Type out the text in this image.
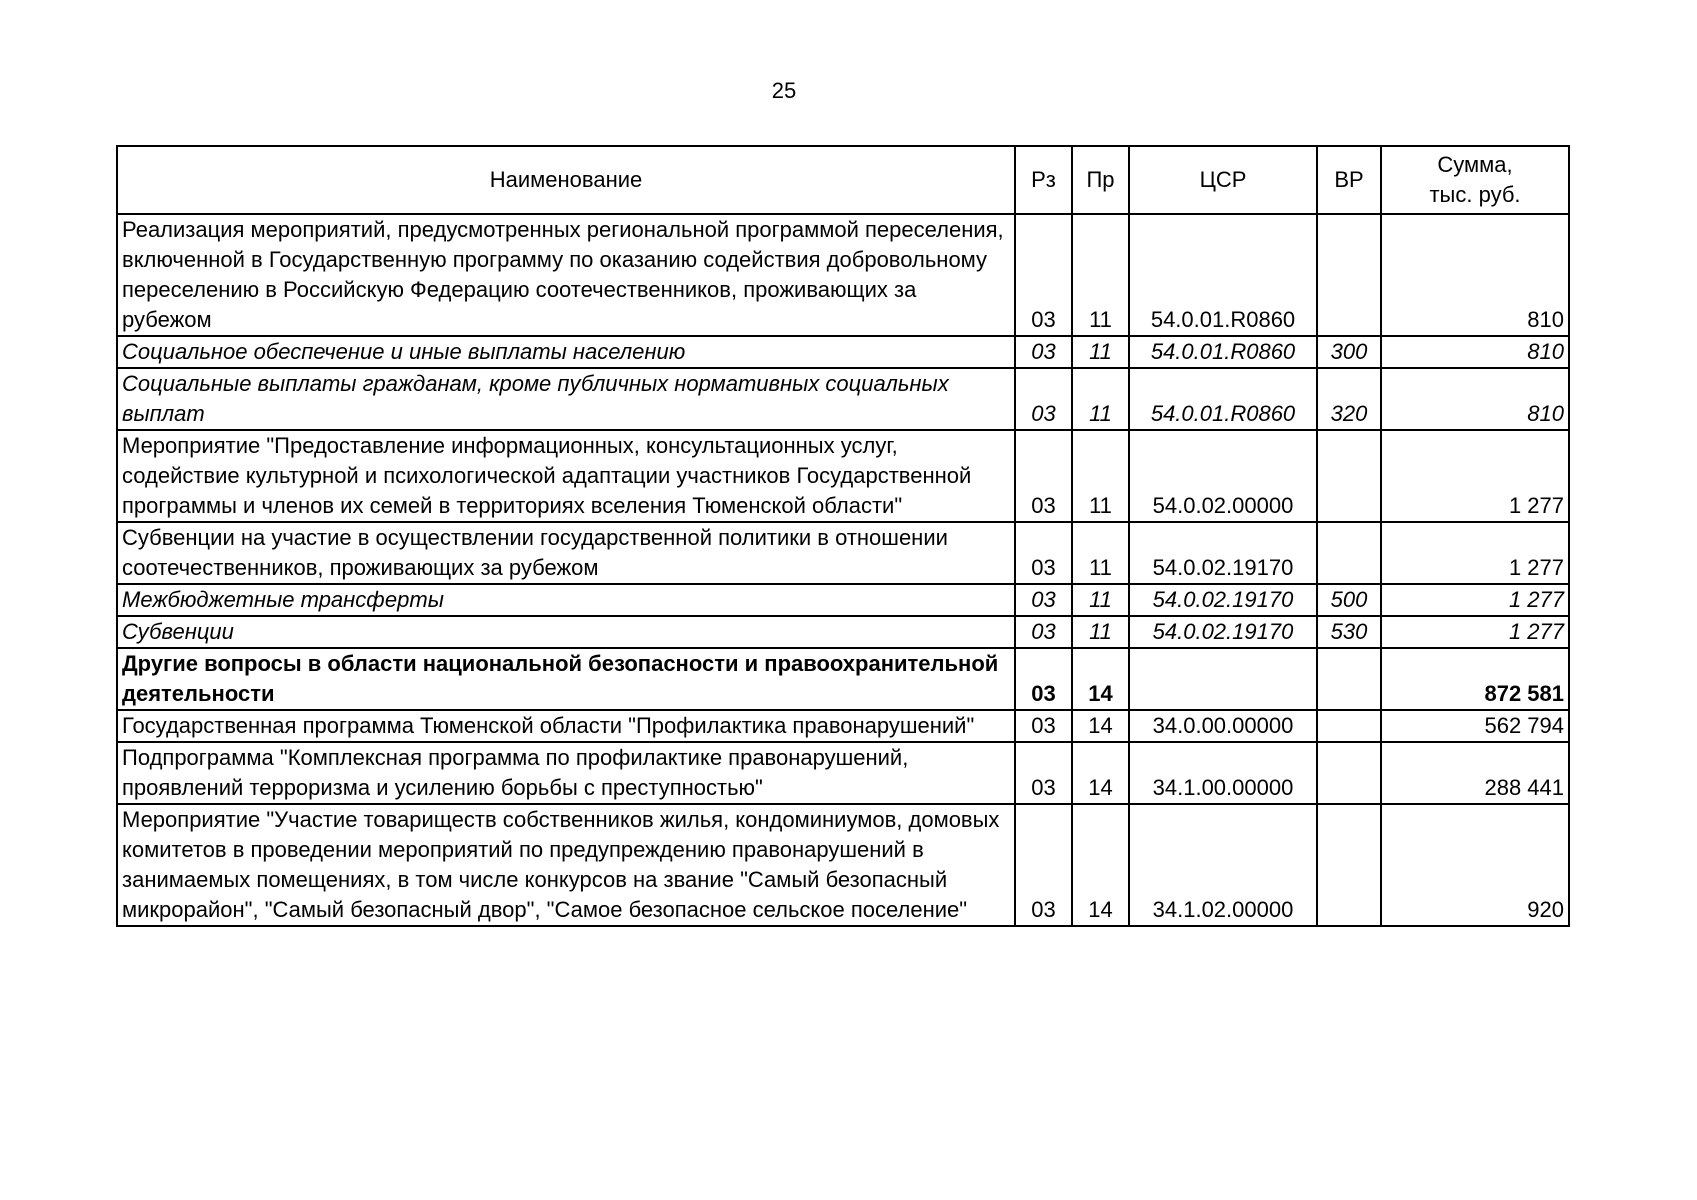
25
Наименование	Рз	Пр	ЦСР	ВР	Сумма,
тыс. руб.

Реализация мероприятий, предусмотренных региональной программой переселения, включенной в Государственную программу по оказанию содействия добровольному переселению в Российскую Федерацию соотечественников, проживающих за рубежом	03	11	54.0.01.R0860		810
Социальное обеспечение и иные выплаты населению	03	11	54.0.01.R0860	300	810
Социальные выплаты гражданам, кроме публичных нормативных социальных выплат	03	11	54.0.01.R0860	320	810
Мероприятие "Предоставление информационных, консультационных услуг, содействие культурной и психологической адаптации участников Государственной программы и членов их семей в территориях вселения Тюменской области"	03	11	54.0.02.00000		1 277
Субвенции на участие в осуществлении государственной политики в отношении соотечественников, проживающих за рубежом	03	11	54.0.02.19170		1 277
Межбюджетные трансферты	03	11	54.0.02.19170	500	1 277
Субвенции	03	11	54.0.02.19170	530	1 277
Другие вопросы в области национальной безопасности и правоохранительной деятельности	03	14			872 581
Государственная программа Тюменской области "Профилактика правонарушений"	03	14	34.0.00.00000		562 794
Подпрограмма "Комплексная программа по профилактике правонарушений, проявлений терроризма и усилению борьбы с преступностью"	03	14	34.1.00.00000		288 441
Мероприятие "Участие товариществ собственников жилья, кондоминиумов, домовых комитетов в проведении мероприятий по предупреждению правонарушений в занимаемых помещениях, в том числе конкурсов на звание "Самый безопасный микрорайон", "Самый безопасный двор", "Самое безопасное сельское поселение"	03	14	34.1.02.00000		920
